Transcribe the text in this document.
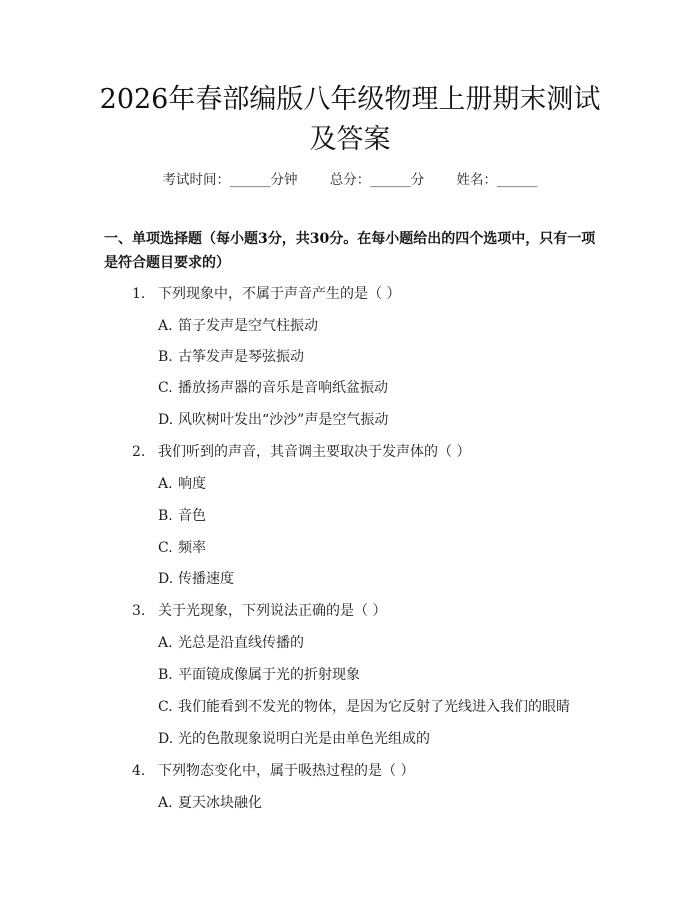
2026年春部编版八年级物理上册期末测试及答案
考试时间：______分钟 总分：______分 姓名：______
一、单项选择题（每小题3分，共30分。在每小题给出的四个选项中，只有一项是符合题目要求的）
1. 下列现象中，不属于声音产生的是（ ）
A. 笛子发声是空气柱振动
B. 古筝发声是琴弦振动
C. 播放扬声器的音乐是音响纸盆振动
D. 风吹树叶发出“沙沙”声是空气振动
2. 我们听到的声音，其音调主要取决于发声体的（ ）
A. 响度
B. 音色
C. 频率
D. 传播速度
3. 关于光现象，下列说法正确的是（ ）
A. 光总是沿直线传播的
B. 平面镜成像属于光的折射现象
C. 我们能看到不发光的物体，是因为它反射了光线进入我们的眼睛
D. 光的色散现象说明白光是由单色光组成的
4. 下列物态变化中，属于吸热过程的是（ ）
A. 夏天冰块融化
